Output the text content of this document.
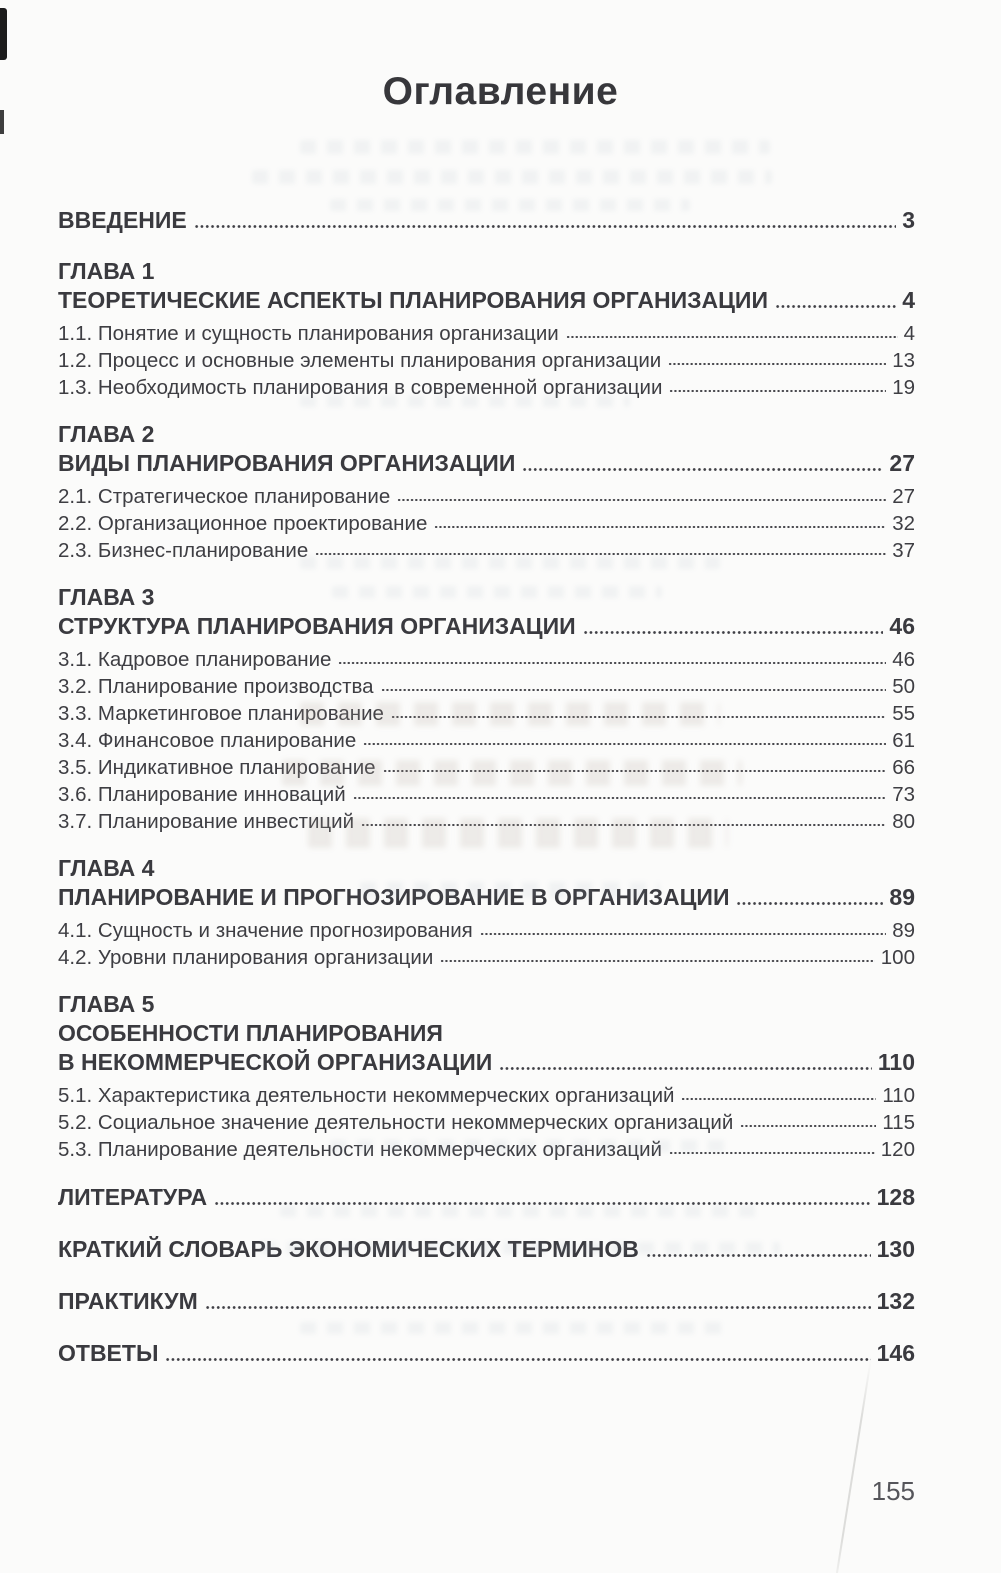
Оглавление
ВВЕДЕНИЕ	3
ГЛАВА 1
ТЕОРЕТИЧЕСКИЕ АСПЕКТЫ ПЛАНИРОВАНИЯ ОРГАНИЗАЦИИ	4
1.1. Понятие и сущность планирования организации	4
1.2. Процесс и основные элементы планирования организации	13
1.3. Необходимость планирования в современной организации	19
ГЛАВА 2
ВИДЫ ПЛАНИРОВАНИЯ ОРГАНИЗАЦИИ	27
2.1. Стратегическое планирование	27
2.2. Организационное проектирование	32
2.3. Бизнес-планирование	37
ГЛАВА 3
СТРУКТУРА ПЛАНИРОВАНИЯ ОРГАНИЗАЦИИ	46
3.1. Кадровое планирование	46
3.2. Планирование производства	50
3.3. Маркетинговое планирование	55
3.4. Финансовое планирование	61
3.5. Индикативное планирование	66
3.6. Планирование инноваций	73
3.7. Планирование инвестиций	80
ГЛАВА 4
ПЛАНИРОВАНИЕ И ПРОГНОЗИРОВАНИЕ В ОРГАНИЗАЦИИ	89
4.1. Сущность и значение прогнозирования	89
4.2. Уровни планирования организации	100
ГЛАВА 5
ОСОБЕННОСТИ ПЛАНИРОВАНИЯ
В НЕКОММЕРЧЕСКОЙ ОРГАНИЗАЦИИ	110
5.1. Характеристика деятельности некоммерческих организаций	110
5.2. Социальное значение деятельности некоммерческих организаций	115
5.3. Планирование деятельности некоммерческих организаций	120
ЛИТЕРАТУРА	128
КРАТКИЙ СЛОВАРЬ ЭКОНОМИЧЕСКИХ ТЕРМИНОВ	130
ПРАКТИКУМ	132
ОТВЕТЫ	146
155
